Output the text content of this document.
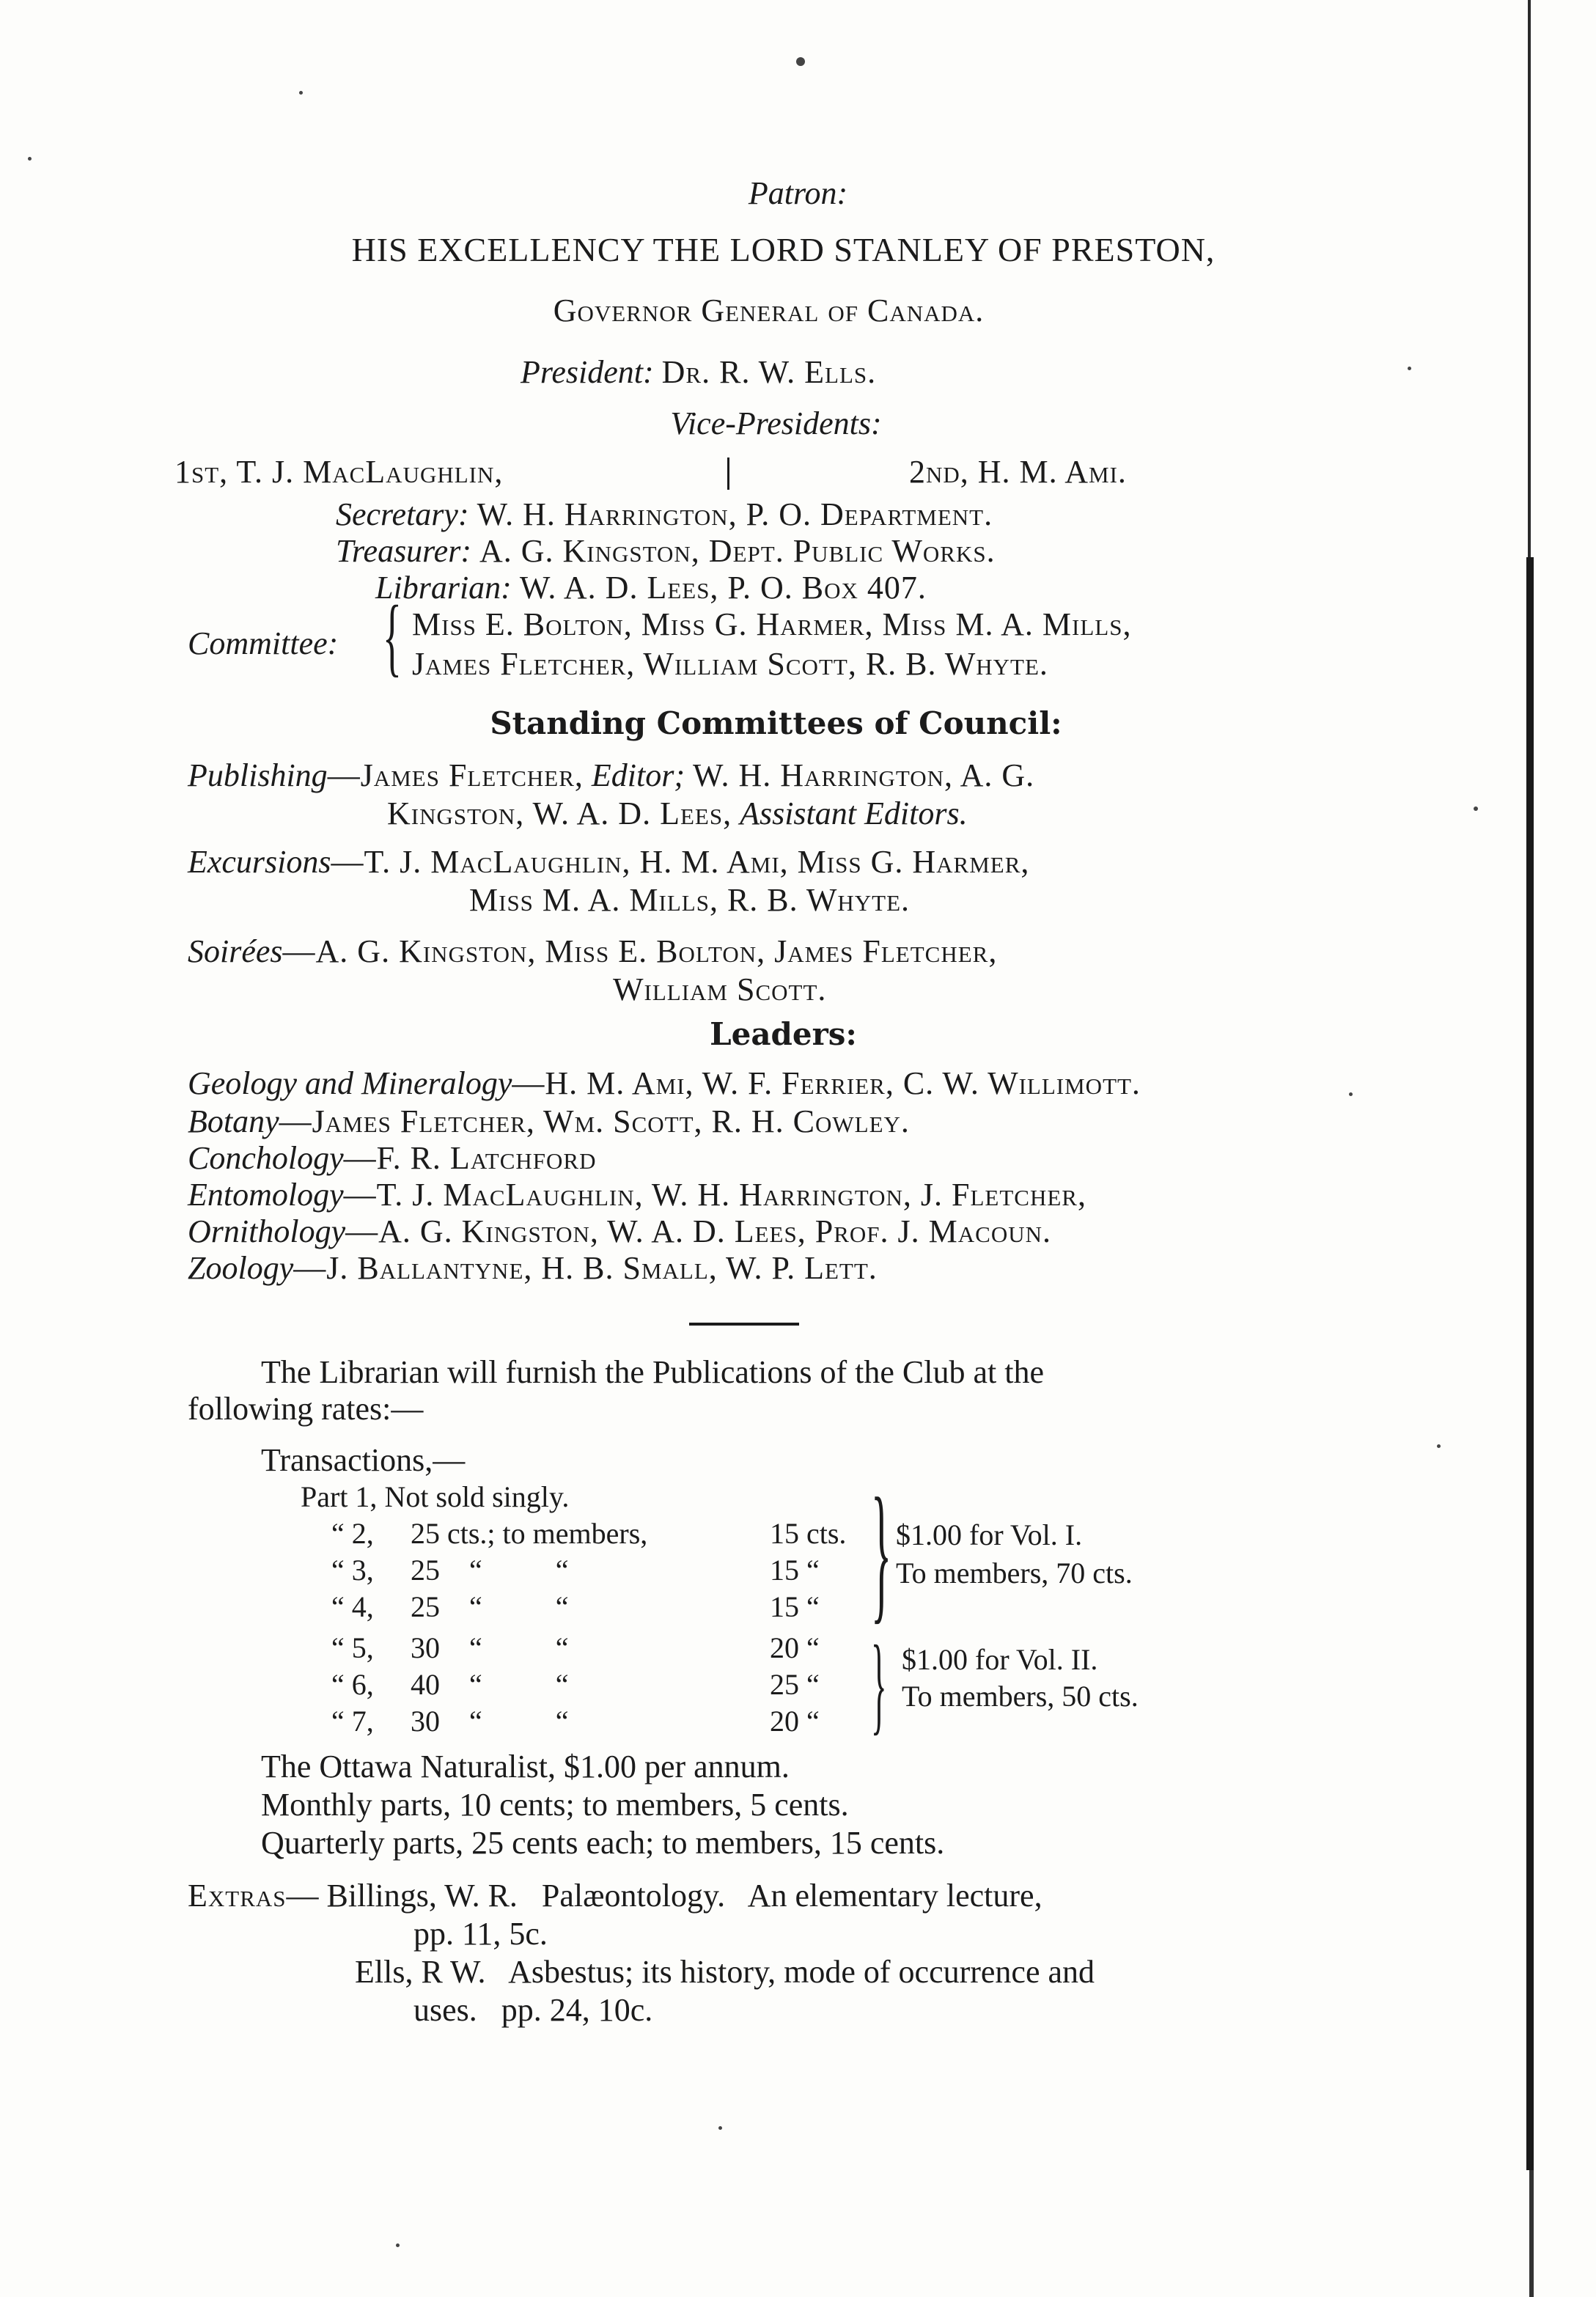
Patron:
HIS EXCELLENCY THE LORD STANLEY OF PRESTON,
Governor General of Canada.
President: Dr. R. W. Ells.
Vice-Presidents:
1st, T. J. MacLaughlin,	2nd, H. M. Ami.
Secretary: W. H. Harrington, P. O. Department.
Treasurer: A. G. Kingston, Dept. Public Works.
Librarian: W. A. D. Lees, P. O. Box 407.
Committee: { Miss E. Bolton, Miss G. Harmer, Miss M. A. Mills,
James Fletcher, William Scott, R. B. Whyte.
Standing Committees of Council:
Publishing—James Fletcher, Editor; W. H. Harrington, A. G.
Kingston, W. A. D. Lees, Assistant Editors.
Excursions—T. J. MacLaughlin, H. M. Ami, Miss G. Harmer,
Miss M. A. Mills, R. B. Whyte.
Soirées—A. G. Kingston, Miss E. Bolton, James Fletcher,
William Scott.
Leaders:
Geology and Mineralogy—H. M. Ami, W. F. Ferrier, C. W. Willimott.
Botany—James Fletcher, Wm. Scott, R. H. Cowley.
Conchology—F. R. Latchford
Entomology—T. J. MacLaughlin, W. H. Harrington, J. Fletcher,
Ornithology—A. G. Kingston, W. A. D. Lees, Prof. J. Macoun.
Zoology—J. Ballantyne, H. B. Small, W. P. Lett.
The Librarian will furnish the Publications of the Club at the
following rates:—
Transactions,—
Part 1, Not sold singly.
“ 2, 25 cts.; to members,	15 cts.
“ 3, 25    “          “	15 “
“ 4, 25    “          “	15 “
“ 5, 30    “          “	20 “
“ 6, 40    “          “	25 “
“ 7, 30    “          “	20 “
} $1.00 for Vol. I.
To members, 70 cts.
} $1.00 for Vol. II.
To members, 50 cts.
The Ottawa Naturalist, $1.00 per annum.
Monthly parts, 10 cents; to members, 5 cents.
Quarterly parts, 25 cents each; to members, 15 cents.
Extras— Billings, W. R.   Palæontology.   An elementary lecture,
pp. 11, 5c.
Ells, R W.   Asbestus; its history, mode of occurrence and
uses.   pp. 24, 10c.
